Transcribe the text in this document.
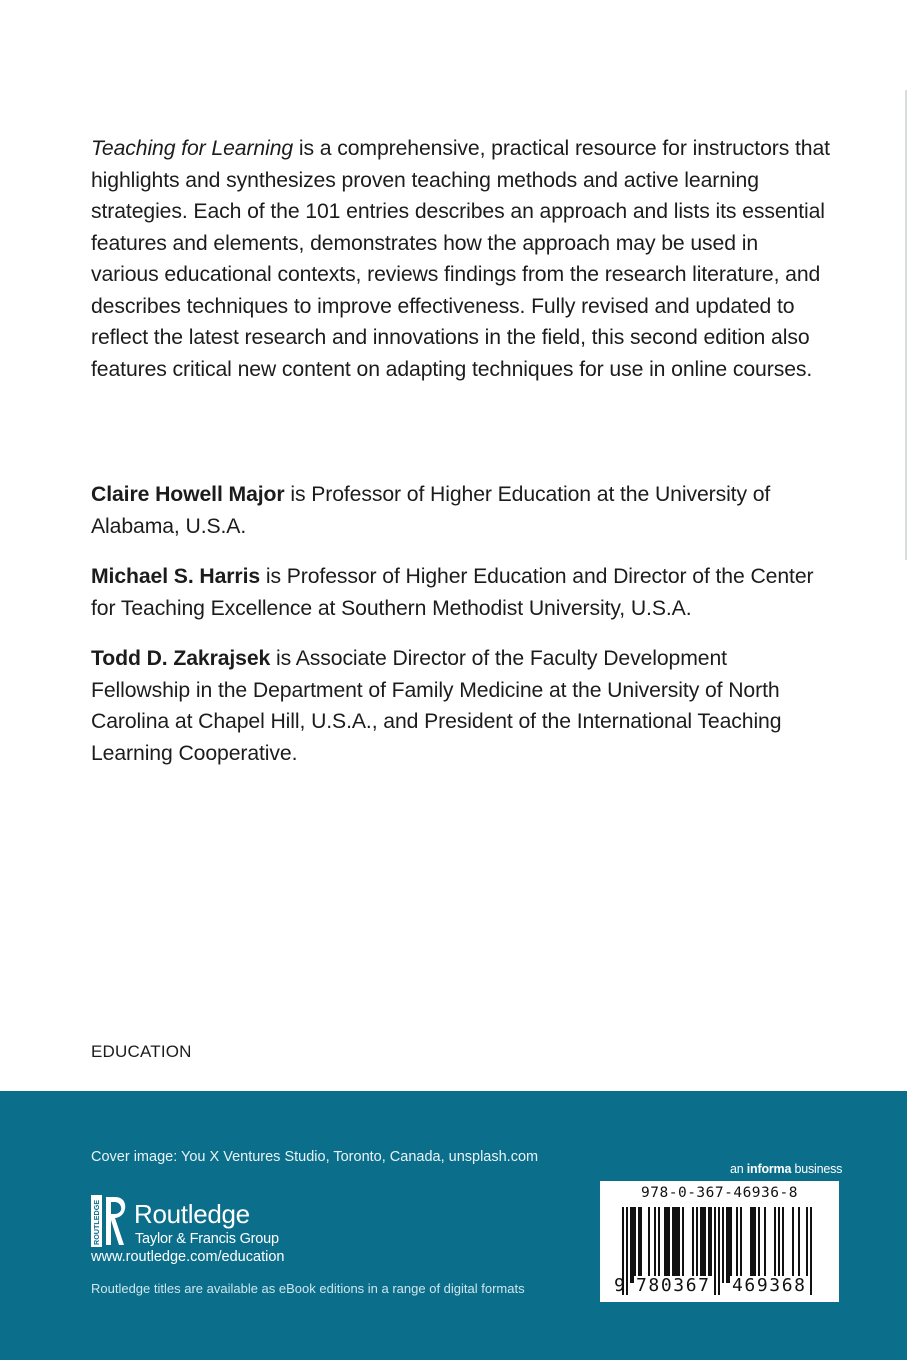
Teaching for Learning is a comprehensive, practical resource for instructors that highlights and synthesizes proven teaching methods and active learning strategies. Each of the 101 entries describes an approach and lists its essential features and elements, demonstrates how the approach may be used in various educational contexts, reviews findings from the research literature, and describes techniques to improve effectiveness. Fully revised and updated to reflect the latest research and innovations in the field, this second edition also features critical new content on adapting techniques for use in online courses.

Claire Howell Major is Professor of Higher Education at the University of Alabama, U.S.A.

Michael S. Harris is Professor of Higher Education and Director of the Center for Teaching Excellence at Southern Methodist University, U.S.A.

Todd D. Zakrajsek is Associate Director of the Faculty Development Fellowship in the Department of Family Medicine at the University of North Carolina at Chapel Hill, U.S.A., and President of the International Teaching Learning Cooperative.

EDUCATION
Cover image: You X Ventures Studio, Toronto, Canada, unsplash.com
ROUTLEDGE Routledge
Taylor & Francis Group
www.routledge.com/education
Routledge titles are available as eBook editions in a range of digital formats
an informa business
978-0-367-46936-8
9 780367 469368
